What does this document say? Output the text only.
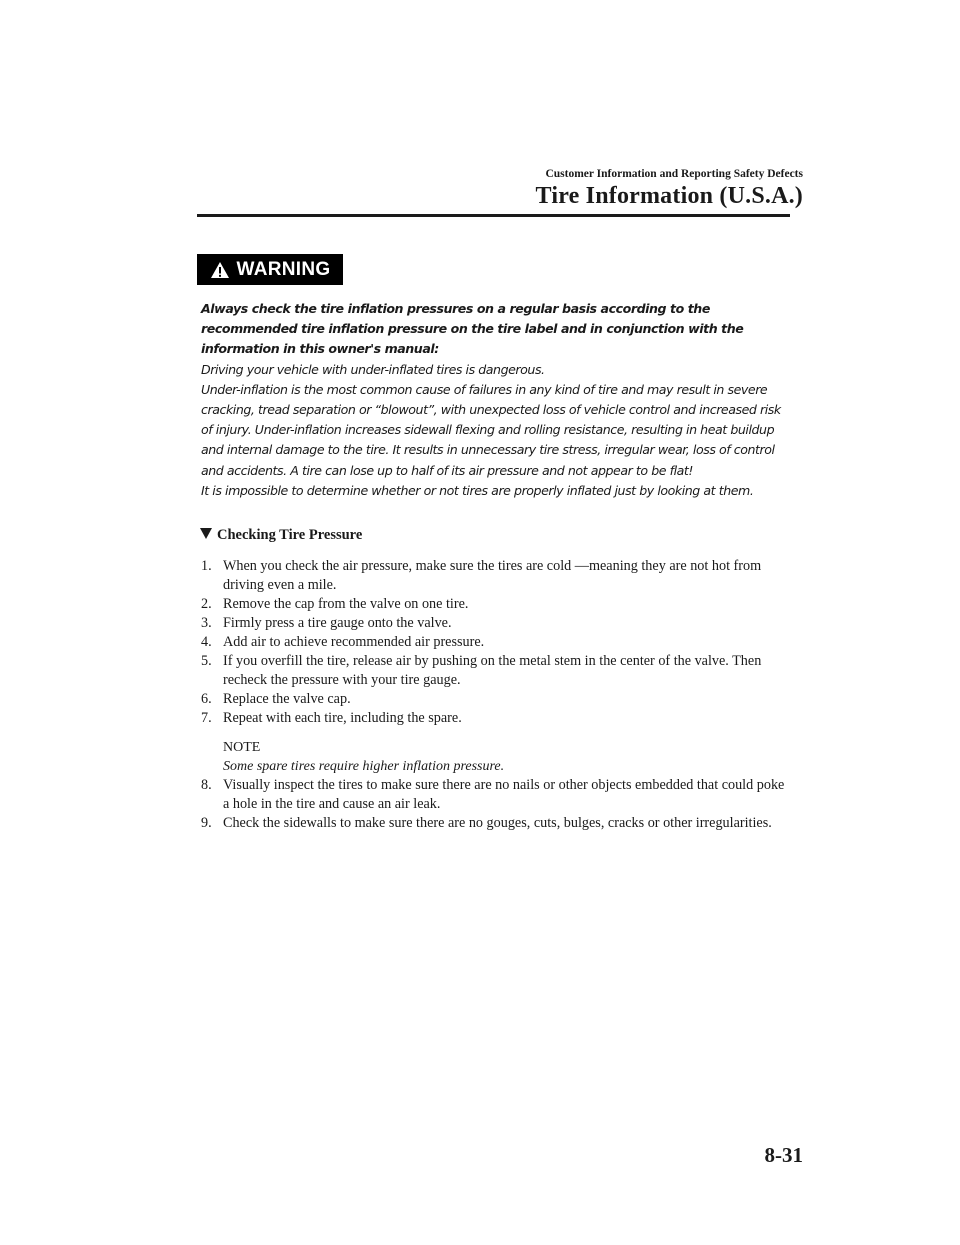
Customer Information and Reporting Safety Defects
Tire Information (U.S.A.)
WARNING

Always check the tire inflation pressures on a regular basis according to the recommended tire inflation pressure on the tire label and in conjunction with the information in this owner's manual:

Driving your vehicle with under-inflated tires is dangerous.

Under-inflation is the most common cause of failures in any kind of tire and may result in severe cracking, tread separation or “blowout”, with unexpected loss of vehicle control and increased risk of injury. Under-inflation increases sidewall flexing and rolling resistance, resulting in heat buildup and internal damage to the tire. It results in unnecessary tire stress, irregular wear, loss of control and accidents. A tire can lose up to half of its air pressure and not appear to be flat!

It is impossible to determine whether or not tires are properly inflated just by looking at them.

Checking Tire Pressure
1. When you check the air pressure, make sure the tires are cold —meaning they are not hot from driving even a mile.
2. Remove the cap from the valve on one tire.
3. Firmly press a tire gauge onto the valve.
4. Add air to achieve recommended air pressure.
5. If you overfill the tire, release air by pushing on the metal stem in the center of the valve. Then recheck the pressure with your tire gauge.
6. Replace the valve cap.
7. Repeat with each tire, including the spare.
NOTE
Some spare tires require higher inflation pressure.
8. Visually inspect the tires to make sure there are no nails or other objects embedded that could poke a hole in the tire and cause an air leak.
9. Check the sidewalls to make sure there are no gouges, cuts, bulges, cracks or other irregularities.
8-31
